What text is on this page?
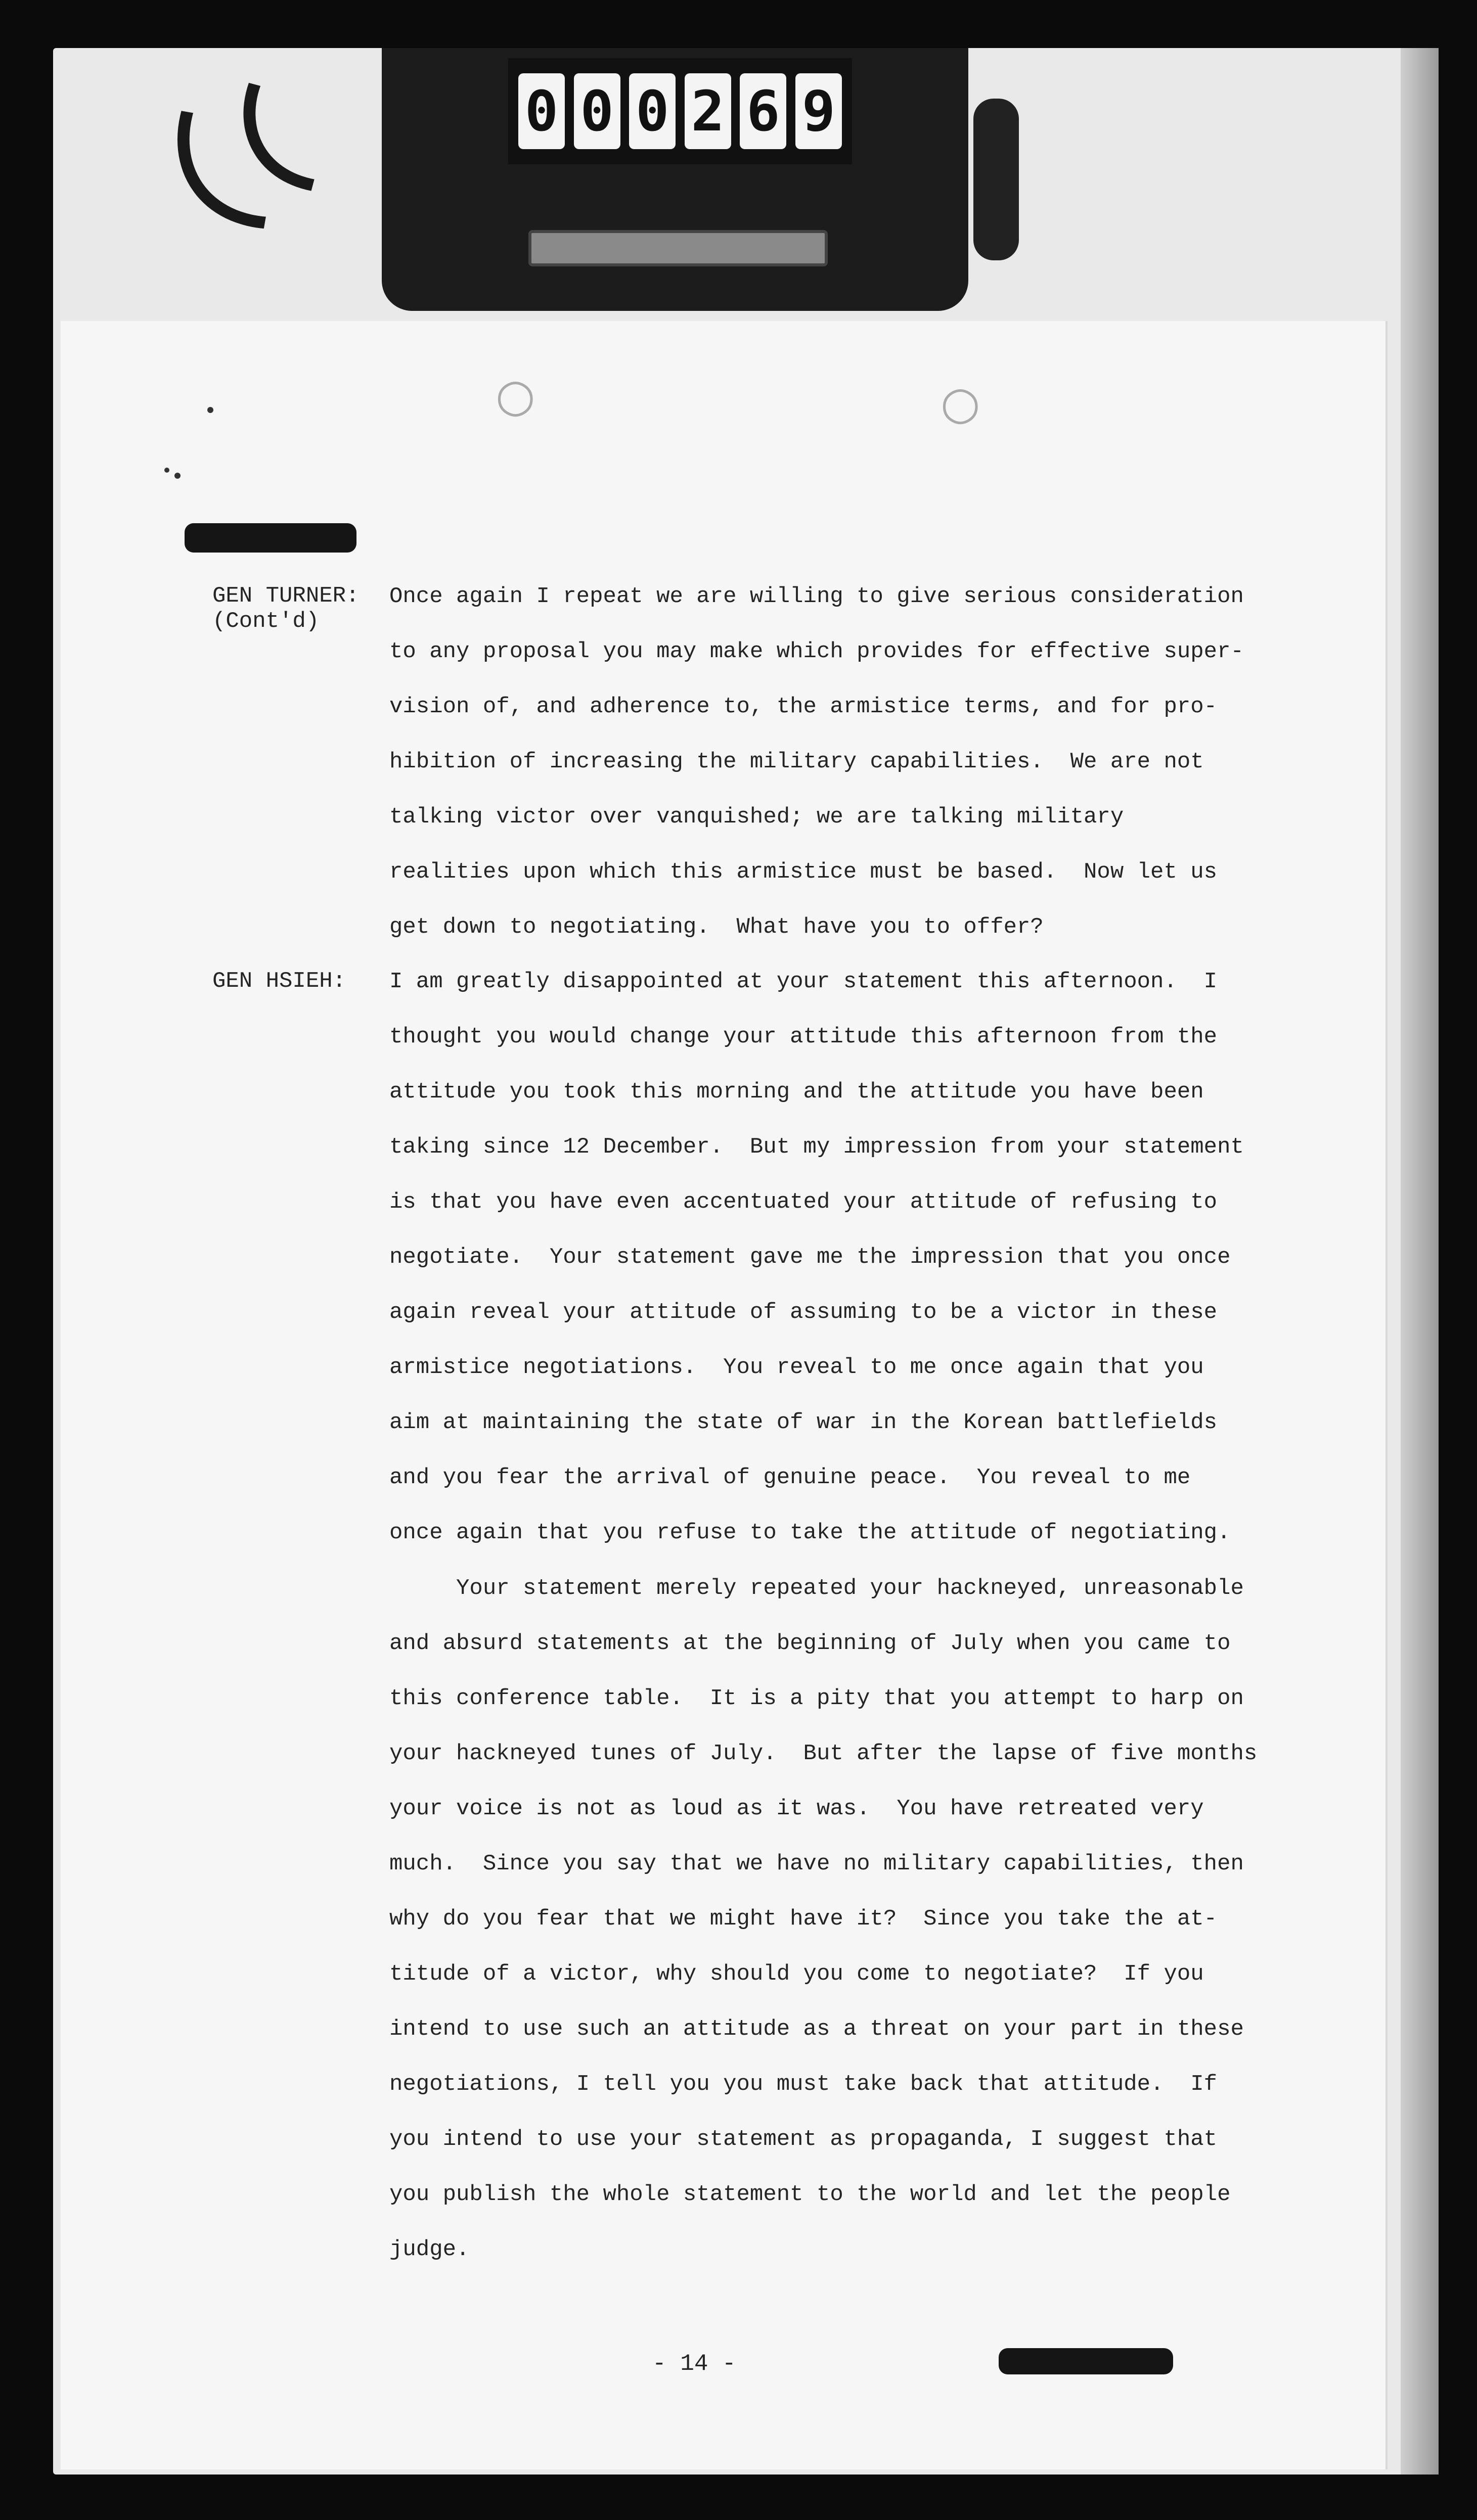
0 0 0 2 6 9
○	○
GEN TURNER:
(Cont'd)
Once again I repeat we are willing to give serious consideration
to any proposal you may make which provides for effective super-
vision of, and adherence to, the armistice terms, and for pro-
hibition of increasing the military capabilities.  We are not
talking victor over vanquished; we are talking military
realities upon which this armistice must be based.  Now let us
get down to negotiating.  What have you to offer?
GEN HSIEH: I am greatly disappointed at your statement this afternoon.  I
thought you would change your attitude this afternoon from the
attitude you took this morning and the attitude you have been
taking since 12 December.  But my impression from your statement
is that you have even accentuated your attitude of refusing to
negotiate.  Your statement gave me the impression that you once
again reveal your attitude of assuming to be a victor in these
armistice negotiations.  You reveal to me once again that you
aim at maintaining the state of war in the Korean battlefields
and you fear the arrival of genuine peace.  You reveal to me
once again that you refuse to take the attitude of negotiating.
Your statement merely repeated your hackneyed, unreasonable
and absurd statements at the beginning of July when you came to
this conference table.  It is a pity that you attempt to harp on
your hackneyed tunes of July.  But after the lapse of five months
your voice is not as loud as it was.  You have retreated very
much.  Since you say that we have no military capabilities, then
why do you fear that we might have it?  Since you take the at-
titude of a victor, why should you come to negotiate?  If you
intend to use such an attitude as a threat on your part in these
negotiations, I tell you you must take back that attitude.  If
you intend to use your statement as propaganda, I suggest that
you publish the whole statement to the world and let the people
judge.
- 14 -
